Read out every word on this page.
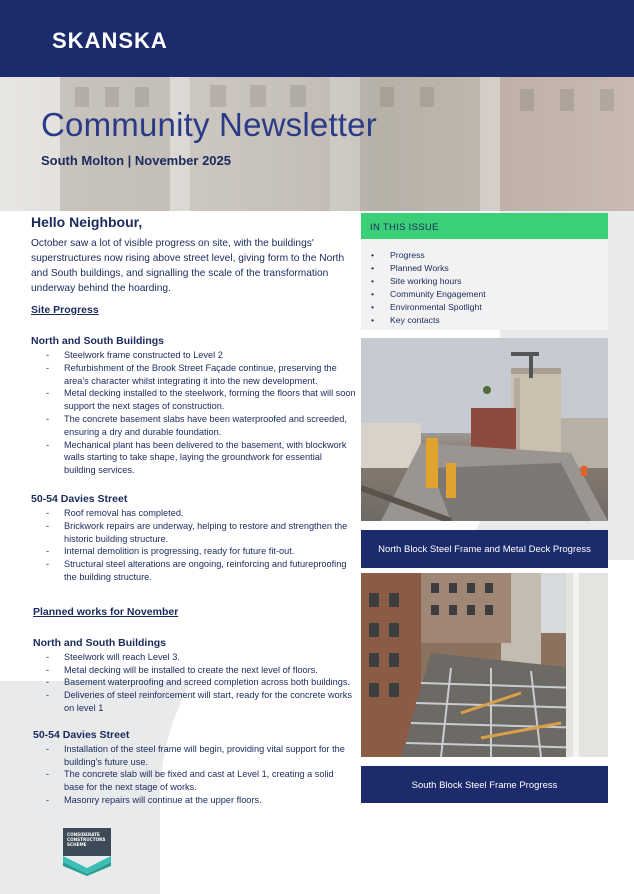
SKANSKA
Community Newsletter
South Molton | November 2025
Hello Neighbour,

October saw a lot of visible progress on site, with the buildings' superstructures now rising above street level, giving form to the North and South buildings, and signalling the scale of the transformation underway behind the hoarding.

Site Progress
North and South Buildings
- Steelwork frame constructed to Level 2
- Refurbishment of the Brook Street Façade continue, preserving the area's character whilst integrating it into the new development.
- Metal decking installed to the steelwork, forming the floors that will soon support the next stages of construction.
- The concrete basement slabs have been waterproofed and screeded, ensuring a dry and durable foundation.
- Mechanical plant has been delivered to the basement, with blockwork walls starting to take shape, laying the groundwork for essential building services.
50-54 Davies Street
- Roof removal has completed.
- Brickwork repairs are underway, helping to restore and strengthen the historic building structure.
- Internal demolition is progressing, ready for future fit-out.
- Structural steel alterations are ongoing, reinforcing and futureproofing the building structure.
Planned works for November
North and South Buildings
- Steelwork will reach Level 3.
- Metal decking will be installed to create the next level of floors.
- Basement waterproofing and screed completion across both buildings.
- Deliveries of steel reinforcement will start, ready for the concrete works on level 1
50-54 Davies Street
- Installation of the steel frame will begin, providing vital support for the building's future use.
- The concrete slab will be fixed and cast at Level 1, creating a solid base for the next stage of works.
- Masonry repairs will continue at the upper floors.
IN THIS ISSUE
• Progress
• Planned Works
• Site working hours
• Community Engagement
• Environmental Spotlight
• Key contacts
North Block Steel Frame and Metal Deck Progress
South Block Steel Frame Progress
CONSIDERATE
CONSTRUCTORS
SCHEME
